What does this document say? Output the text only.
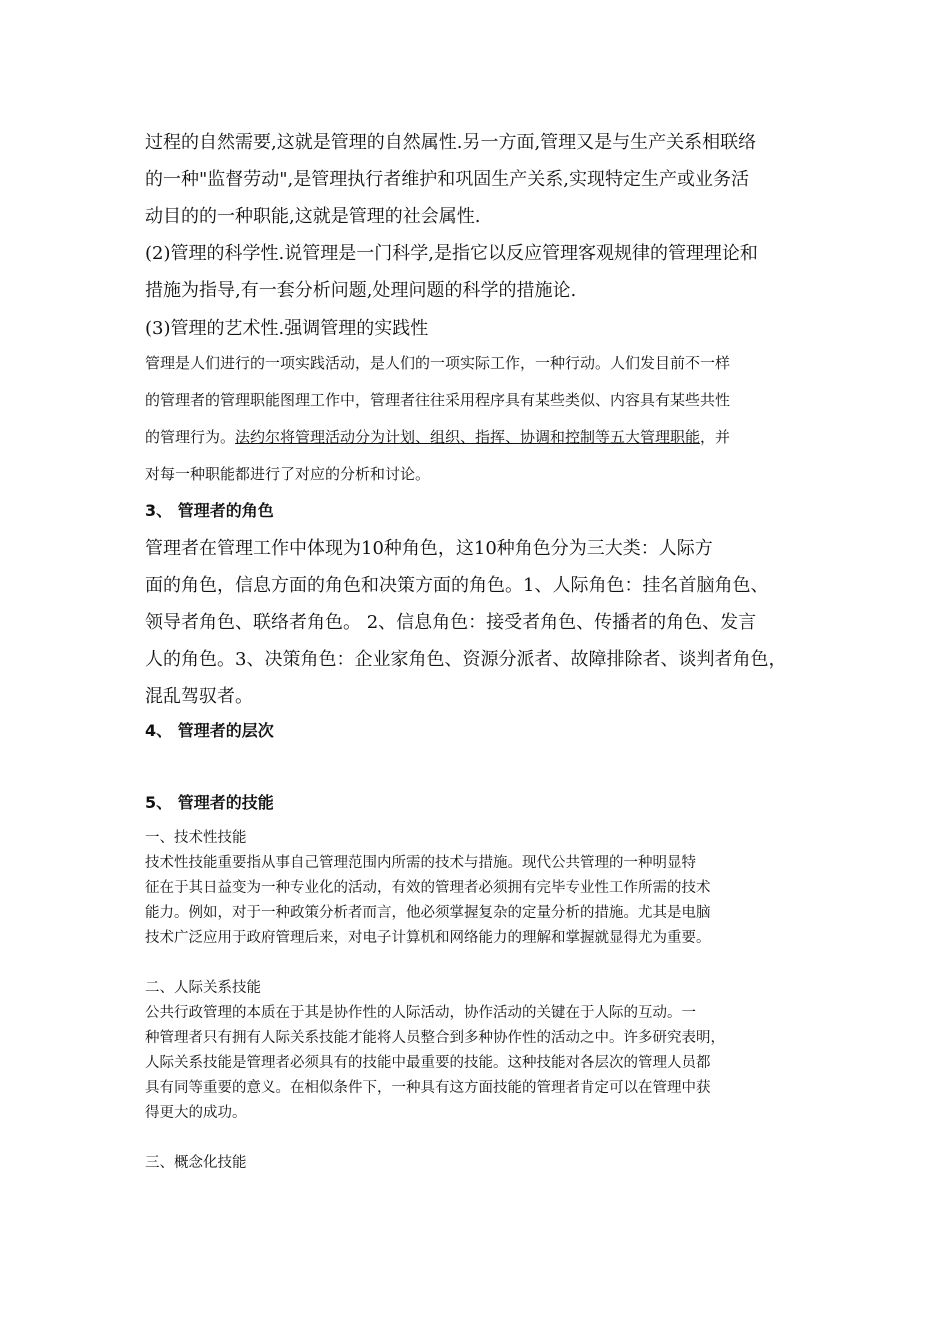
过程的自然需要,这就是管理的自然属性.另一方面,管理又是与生产关系相联络
的一种"监督劳动",是管理执行者维护和巩固生产关系,实现特定生产或业务活
动目的的一种职能,这就是管理的社会属性.
(2)管理的科学性.说管理是一门科学,是指它以反应管理客观规律的管理理论和
措施为指导,有一套分析问题,处理问题的科学的措施论.
(3)管理的艺术性.强调管理的实践性
管理是人们进行的一项实践活动，是人们的一项实际工作，一种行动。人们发目前不一样
的管理者的管理职能图理工作中，管理者往往采用程序具有某些类似、内容具有某些共性
的管理行为。法约尔将管理活动分为计划、组织、指挥、协调和控制等五大管理职能，并
对每一种职能都进行了对应的分析和讨论。
3、 管理者的角色
管理者在管理工作中体现为10种角色，这10种角色分为三大类：人际方
面的角色，信息方面的角色和决策方面的角色。1、人际角色：挂名首脑角色、
领导者角色、联络者角色。 2、信息角色：接受者角色、传播者的角色、发言
人的角色。3、决策角色：企业家角色、资源分派者、故障排除者、谈判者角色，
混乱驾驭者。
4、 管理者的层次
5、 管理者的技能
一、技术性技能
技术性技能重要指从事自己管理范围内所需的技术与措施。现代公共管理的一种明显特
征在于其日益变为一种专业化的活动，有效的管理者必须拥有完毕专业性工作所需的技术
能力。例如，对于一种政策分析者而言，他必须掌握复杂的定量分析的措施。尤其是电脑
技术广泛应用于政府管理后来，对电子计算机和网络能力的理解和掌握就显得尤为重要。
二、人际关系技能
公共行政管理的本质在于其是协作性的人际活动，协作活动的关键在于人际的互动。一
种管理者只有拥有人际关系技能才能将人员整合到多种协作性的活动之中。许多研究表明，
人际关系技能是管理者必须具有的技能中最重要的技能。这种技能对各层次的管理人员都
具有同等重要的意义。在相似条件下，一种具有这方面技能的管理者肯定可以在管理中获
得更大的成功。
三、概念化技能
